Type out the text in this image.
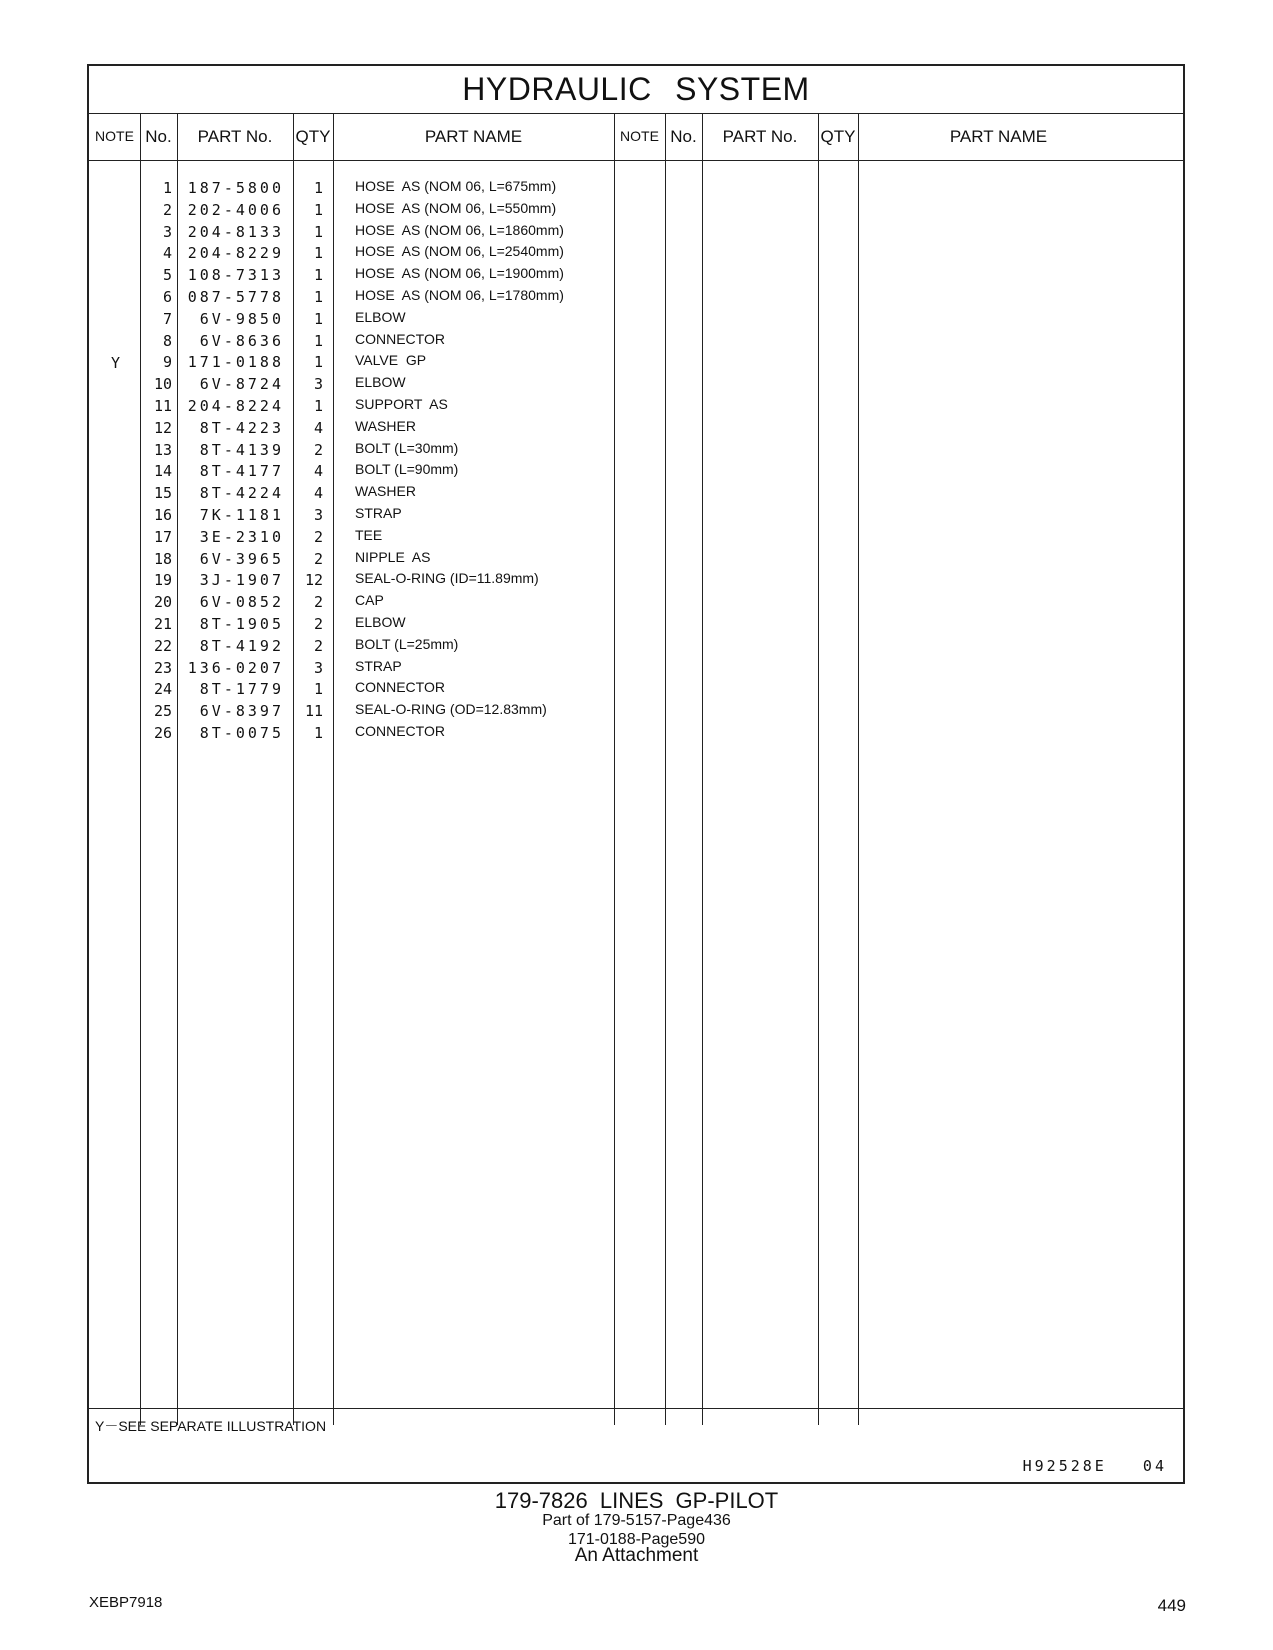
HYDRAULIC SYSTEM
NOTE No.	PART No.	QTY	PART NAME	NOTE No.	PART No.	QTY	PART NAME
1	187-5800	1 HOSE  AS (NOM 06, L=675mm)
2	202-4006	1 HOSE  AS (NOM 06, L=550mm)
3	204-8133	1 HOSE  AS (NOM 06, L=1860mm)
4	204-8229	1 HOSE  AS (NOM 06, L=2540mm)
5	108-7313	1 HOSE  AS (NOM 06, L=1900mm)
6	087-5778	1 HOSE  AS (NOM 06, L=1780mm)
7	6V-9850	1 ELBOW
8	6V-8636	1 CONNECTOR
Y	9	171-0188	1 VALVE  GP
10	6V-8724	3 ELBOW
11	204-8224	1 SUPPORT  AS
12	8T-4223	4 WASHER
13	8T-4139	2 BOLT (L=30mm)
14	8T-4177	4 BOLT (L=90mm)
15	8T-4224	4 WASHER
16	7K-1181	3 STRAP
17	3E-2310	2 TEE
18	6V-3965	2 NIPPLE  AS
19	3J-1907	12 SEAL-O-RING (ID=11.89mm)
20	6V-0852	2 CAP
21	8T-1905	2 ELBOW
22	8T-4192	2 BOLT (L=25mm)
23	136-0207	3 STRAP
24	8T-1779	1 CONNECTOR
25	6V-8397	11 SEAL-O-RING (OD=12.83mm)
26	8T-0075	1 CONNECTOR
Y－SEE SEPARATE ILLUSTRATION
H92528E   04
179-7826 LINES GP-PILOT
Part of 179-5157-Page436
171-0188-Page590
An Attachment
XEBP7918	449
